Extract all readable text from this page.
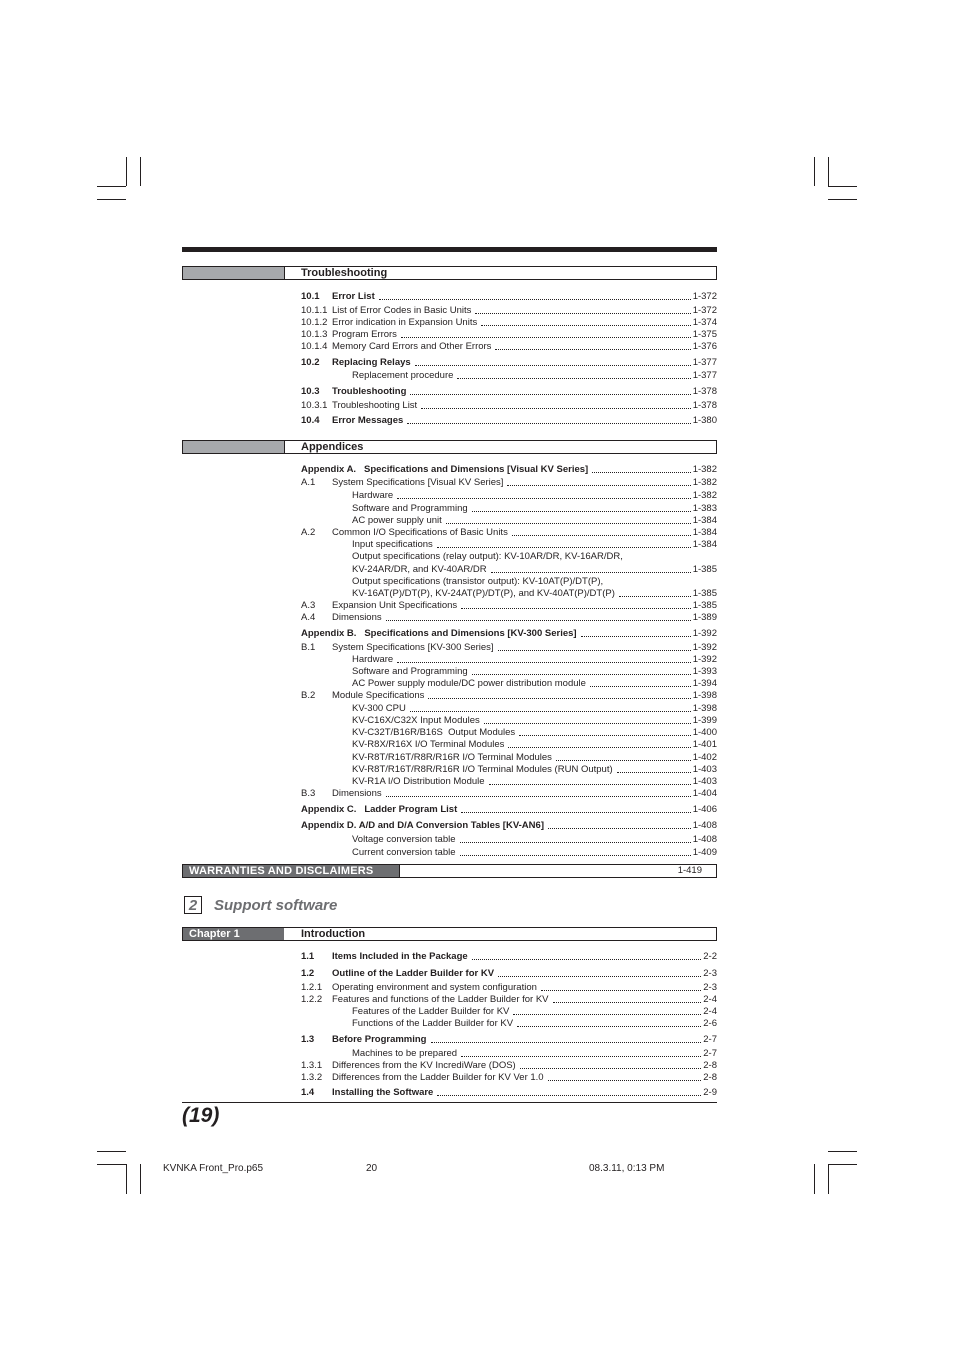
Troubleshooting
10.1	Error List	1-372
10.1.1 List of Error Codes in Basic Units	1-372
10.1.2 Error indication in Expansion Units	1-374
10.1.3 Program Errors	1-375
10.1.4 Memory Card Errors and Other Errors	1-376
10.2	Replacing Relays	1-377
Replacement procedure	1-377
10.3	Troubleshooting	1-378
10.3.1 Troubleshooting List	1-378
10.4	Error Messages	1-380
Appendices
Appendix A.   Specifications and Dimensions [Visual KV Series]	1-382
A.1	System Specifications [Visual KV Series]	1-382
Hardware	1-382
Software and Programming	1-383
AC power supply unit	1-384
A.2	Common I/O Specifications of Basic Units	1-384
Input specifications	1-384
Output specifications (relay output): KV-10AR/DR, KV-16AR/DR,
KV-24AR/DR, and KV-40AR/DR	1-385
Output specifications (transistor output): KV-10AT(P)/DT(P),
KV-16AT(P)/DT(P), KV-24AT(P)/DT(P), and KV-40AT(P)/DT(P)	1-385
A.3	Expansion Unit Specifications	1-385
A.4	Dimensions	1-389
Appendix B.   Specifications and Dimensions [KV-300 Series]	1-392
B.1	System Specifications [KV-300 Series]	1-392
Hardware	1-392
Software and Programming	1-393
AC Power supply module/DC power distribution module	1-394
B.2	Module Specifications	1-398
KV-300 CPU	1-398
KV-C16X/C32X Input Modules	1-399
KV-C32T/B16R/B16S  Output Modules	1-400
KV-R8X/R16X I/O Terminal Modules	1-401
KV-R8T/R16T/R8R/R16R I/O Terminal Modules	1-402
KV-R8T/R16T/R8R/R16R I/O Terminal Modules (RUN Output)	1-403
KV-R1A I/O Distribution Module	1-403
B.3	Dimensions	1-404
Appendix C.   Ladder Program List	1-406
Appendix D. A/D and D/A Conversion Tables [KV-AN6]	1-408
Voltage conversion table	1-408
Current conversion table	1-409
WARRANTIES AND DISCLAIMERS	1-419
2	Support software
Chapter 1	Introduction
1.1	Items Included in the Package	2-2
1.2	Outline of the Ladder Builder for KV	2-3
1.2.1	Operating environment and system configuration	2-3
1.2.2	Features and functions of the Ladder Builder for KV	2-4
Features of the Ladder Builder for KV	2-4
Functions of the Ladder Builder for KV	2-6
1.3	Before Programming	2-7
Machines to be prepared	2-7
1.3.1	Differences from the KV IncrediWare (DOS)	2-8
1.3.2	Differences from the Ladder Builder for KV Ver 1.0	2-8
1.4	Installing the Software	2-9
(19)
KVNKA Front_Pro.p65	20	08.3.11, 0:13 PM
